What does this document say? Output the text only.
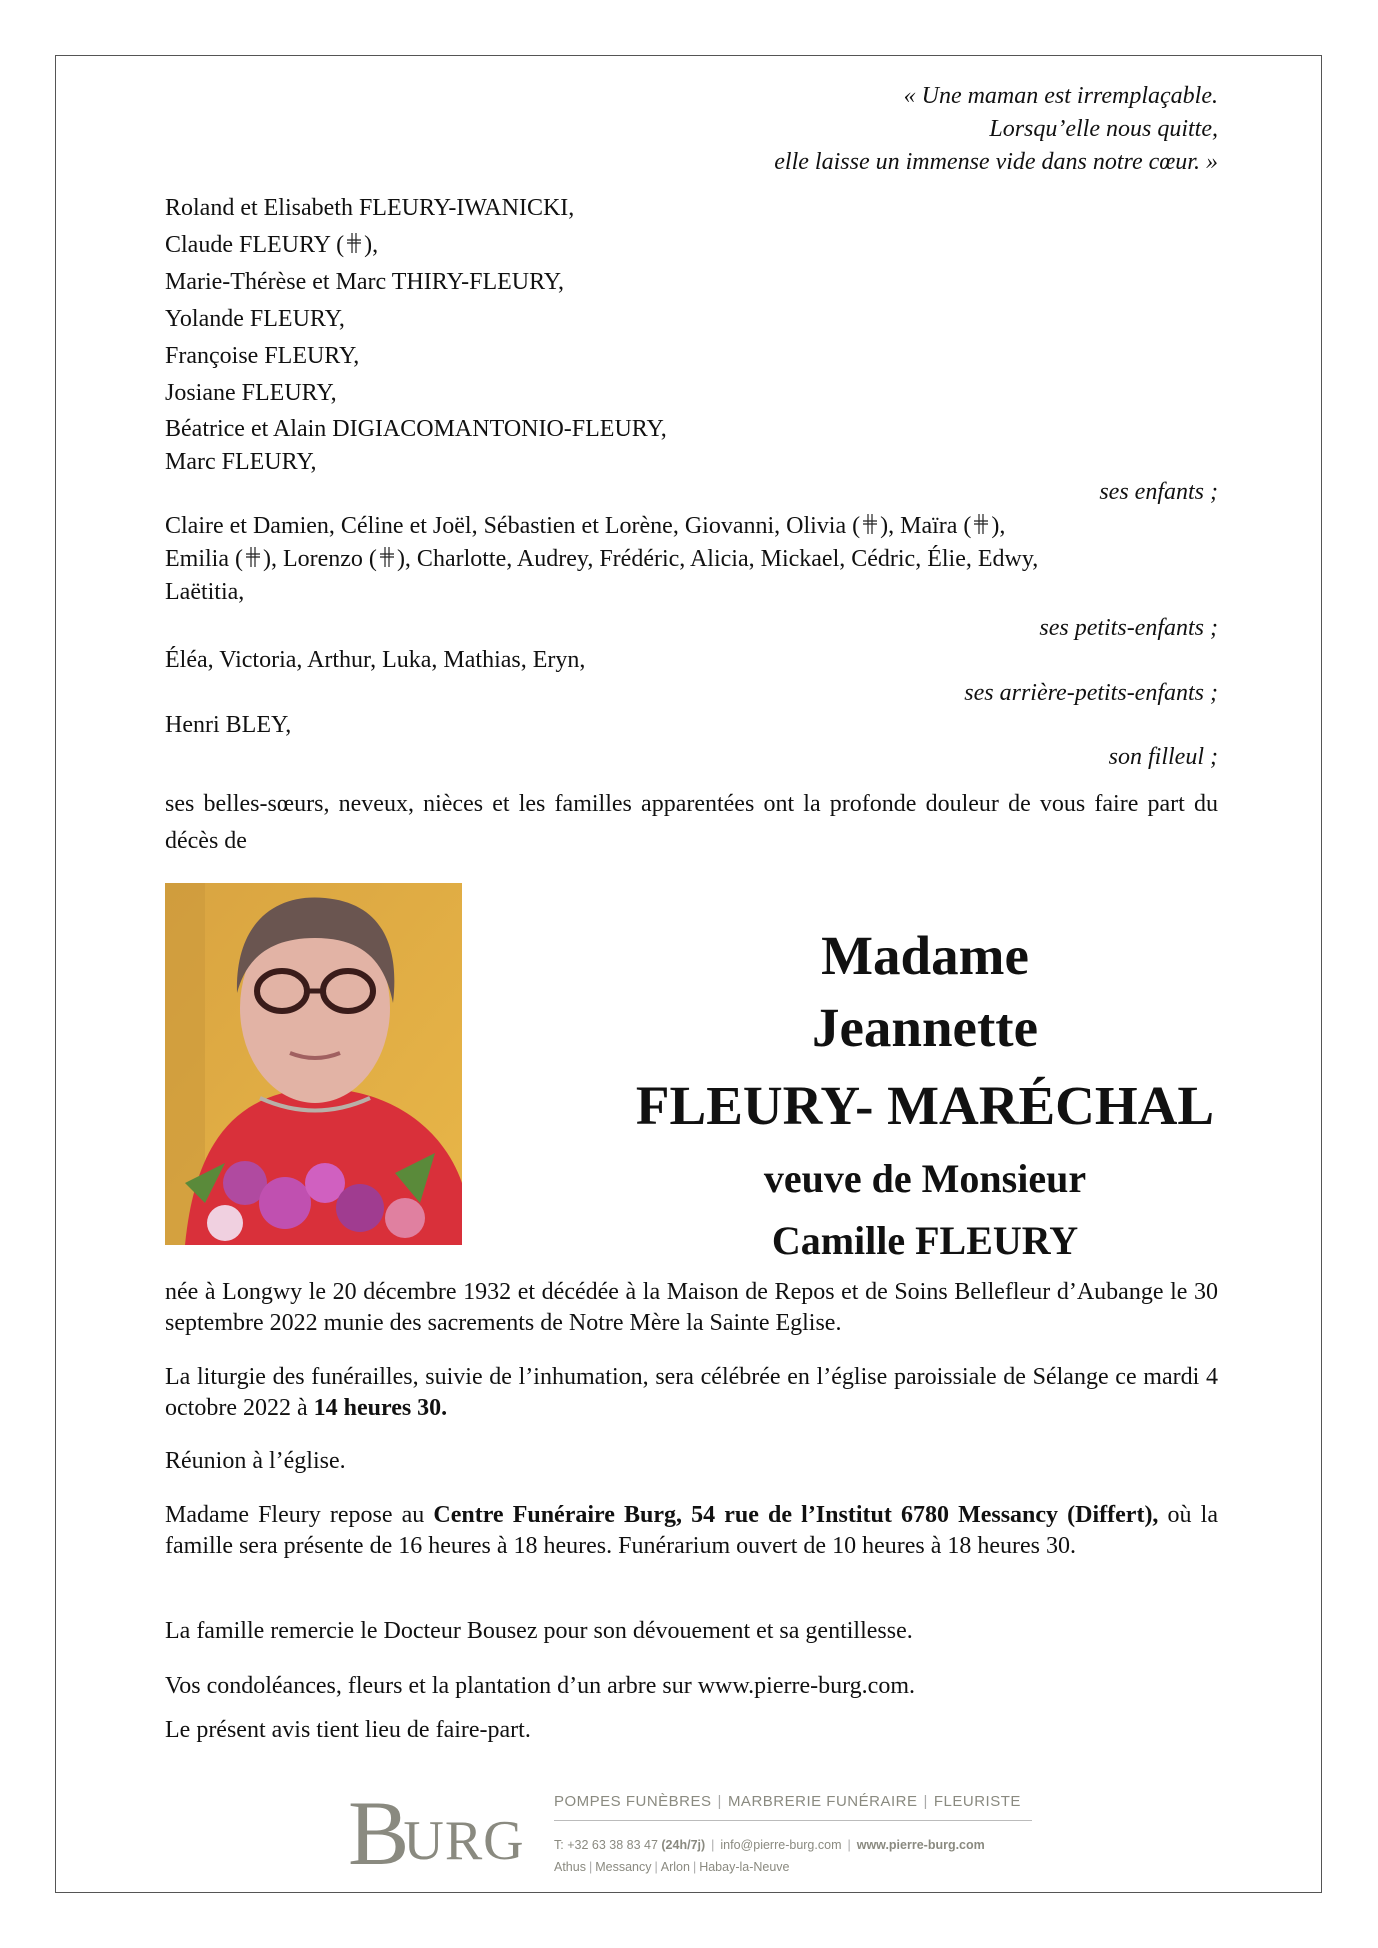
« Une maman est irremplaçable.
Lorsqu’elle nous quitte,
elle laisse un immense vide dans notre cœur. »
Roland et Elisabeth FLEURY-IWANICKI,
Claude FLEURY ( ),
Marie-Thérèse et Marc THIRY-FLEURY,
Yolande FLEURY,
Françoise FLEURY,
Josiane FLEURY,
Béatrice et Alain DIGIACOMANTONIO-FLEURY,
Marc FLEURY,
ses enfants ;
Claire et Damien, Céline et Joël, Sébastien et Lorène, Giovanni, Olivia ( ), Maïra ( ),
Emilia ( ), Lorenzo ( ), Charlotte, Audrey, Frédéric, Alicia, Mickael, Cédric, Élie, Edwy,
Laëtitia,
ses petits-enfants ;
Éléa, Victoria, Arthur, Luka, Mathias, Eryn,
ses arrière-petits-enfants ;
Henri BLEY,
son filleul ;
ses belles-sœurs, neveux, nièces et les familles apparentées ont la profonde douleur de vous faire part du décès de
Madame
Jeannette
FLEURY- MARÉCHAL
veuve de Monsieur
Camille FLEURY
née à Longwy le 20 décembre 1932 et décédée à la Maison de Repos et de Soins Bellefleur d’Aubange le 30 septembre 2022 munie des sacrements de Notre Mère la Sainte Eglise.
La liturgie des funérailles, suivie de l’inhumation, sera célébrée en l’église paroissiale de Sélange ce mardi 4 octobre 2022 à 14 heures 30.
Réunion à l’église.
Madame Fleury repose au Centre Funéraire Burg, 54 rue de l’Institut 6780 Messancy (Differt), où la famille sera présente de 16 heures à 18 heures. Funérarium ouvert de 10 heures à 18 heures 30.
La famille remercie le Docteur Bousez pour son dévouement et sa gentillesse.
Vos condoléances, fleurs et la plantation d’un arbre sur www.pierre-burg.com.
Le présent avis tient lieu de faire-part.
BURG
POMPES FUNÈBRES | MARBRERIE FUNÉRAIRE | FLEURISTE
T: +32 63 38 83 47 (24h/7j) | info@pierre-burg.com | www.pierre-burg.com
Athus | Messancy | Arlon | Habay-la-Neuve
